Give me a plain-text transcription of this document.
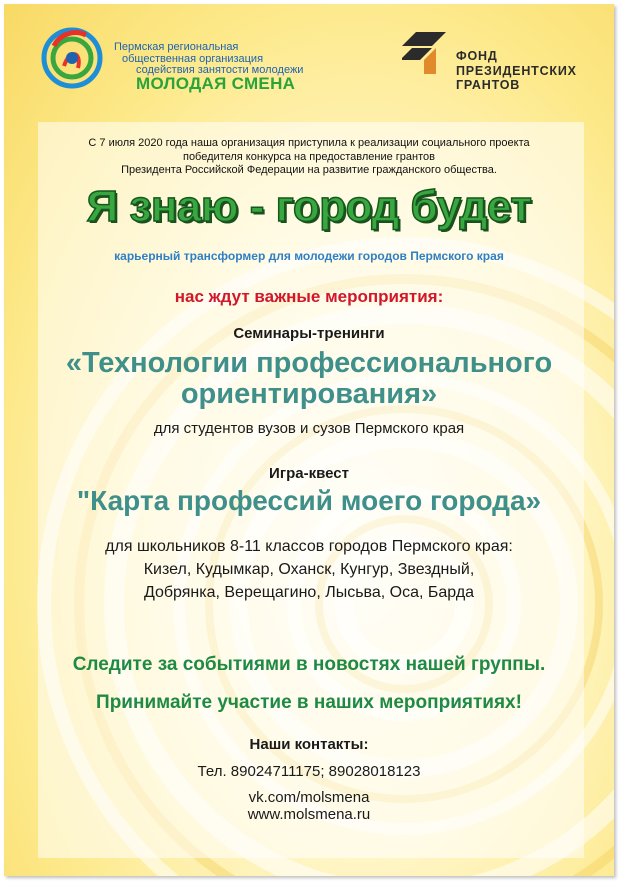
Пермская региональная
общественная организация
содействия занятости молодежи
МОЛОДАЯ СМЕНА
ФОНД
ПРЕЗИДЕНТСКИХ
ГРАНТОВ
С 7 июля 2020 года наша организация приступила к реализации социального проекта
победителя конкурса на предоставление грантов
Президента Российской Федерации на развитие гражданского общества.
Я знаю - город будет
карьерный трансформер для молодежи городов Пермского края
нас ждут важные мероприятия:
Семинары-тренинги
«Технологии профессионального
ориентирования»
для студентов вузов и сузов Пермского края
Игра-квест
"Карта профессий моего города»
для школьников 8-11 классов городов Пермского края:
Кизел, Кудымкар, Оханск, Кунгур, Звездный,
Добрянка, Верещагино, Лысьва, Оса, Барда
Следите за событиями в новостях нашей группы.
Принимайте участие в наших мероприятиях!
Наши контакты:
Тел. 89024711175; 89028018123
vk.com/molsmena
www.molsmena.ru
